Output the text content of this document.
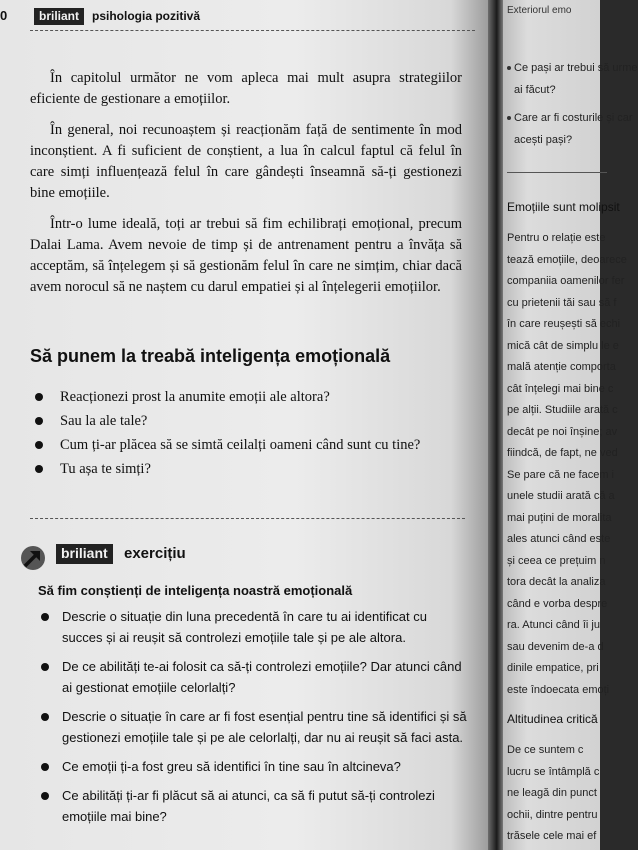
0	briliant	psihologia pozitivă

În capitolul următor ne vom apleca mai mult asupra strategiilor eficiente de gestionare a emoțiilor.

În general, noi recunoaștem și reacționăm față de sentimente în mod inconștient. A fi suficient de conștient, a lua în calcul faptul că felul în care simți influențează felul în care gândești înseamnă să-ți gestionezi bine emoțiile.

Într-o lume ideală, toți ar trebui să fim echilibrați emoțional, precum Dalai Lama. Avem nevoie de timp și de antrenament pentru a învăța să acceptăm, să înțelegem și să gestionăm felul în care ne simțim, chiar dacă avem norocul să ne naștem cu darul empatiei și al înțelegerii emoțiilor.

Să punem la treabă inteligența emoțională
Reacționezi prost la anumite emoții ale altora?
Sau la ale tale?
Cum ți-ar plăcea să se simtă ceilalți oameni când sunt cu tine?
Tu așa te simți?
briliant	exercițiu
Să fim conștienți de inteligența noastră emoțională
Descrie o situație din luna precedentă în care tu ai identificat cu succes și ai reușit să controlezi emoțiile tale și pe ale altora.
De ce abilități te-ai folosit ca să-ți controlezi emoțiile? Dar atunci când ai gestionat emoțiile celorlalți?
Descrie o situație în care ar fi fost esențial pentru tine să identifici și să gestionezi emoțiile tale și pe ale celorlalți, dar nu ai reușit să faci asta.
Ce emoții ți-a fost greu să identifici în tine sau în altcineva?
Ce abilități ți-ar fi plăcut să ai atunci, ca să fi putut să-ți controlezi emoțiile mai bine?
Exteriorul emo
Ce pași ar trebui să urme
ai făcut?
Care ar fi costurile și car
acești pași?
Emoțiile sunt molipsit
Pentru o relație este
tează emoțiile, deoarece
companiia oamenilor fer
cu prietenii tăi sau să f
în care reușești să echi
mică cât de simplu le e
mală atenție comporta
cât înțelegi mai bine c
pe alții. Studiile arată c
decât pe noi înșine; av
fiindcă, de fapt, ne ved
Se pare că ne facem i
unele studii arată că a
mai puțini de moralita
ales atunci când este
și ceea ce prețuim n
tora decât la analiza
când e vorba despre
ra. Atunci când îi ju
sau devenim de-a d
dinile empatice, pri
este îndoecata emoți
Altitudinea critică
De ce suntem c
lucru se întâmplă c
ne leagă din punct
ochii, dintre pentru
trăsele cele mai ef
